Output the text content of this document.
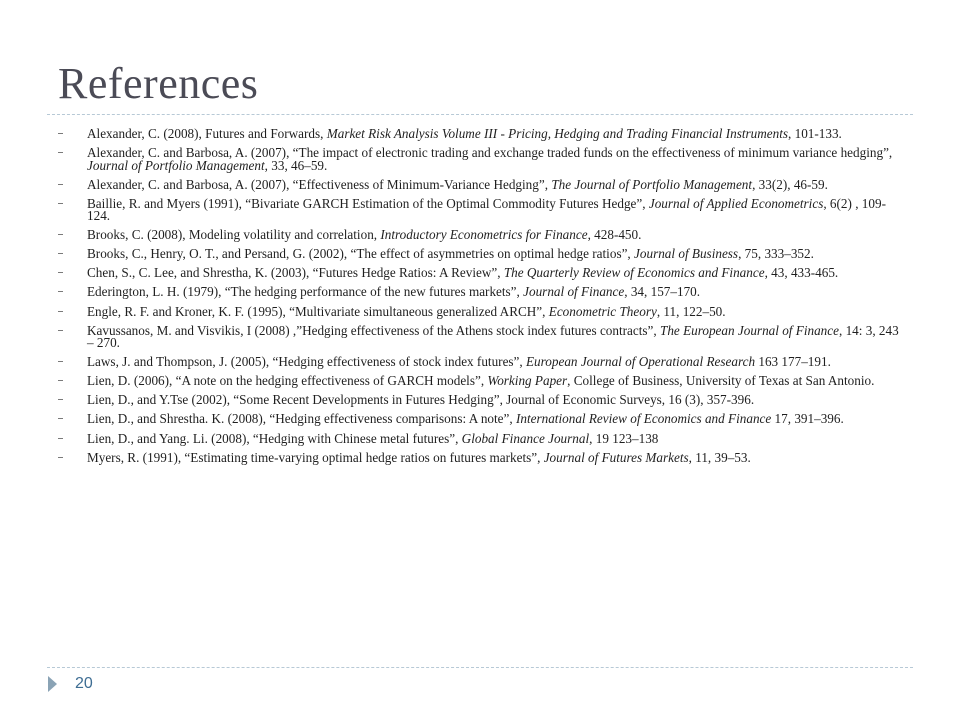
References
Alexander, C. (2008), Futures and Forwards, Market Risk Analysis Volume III - Pricing, Hedging and Trading Financial Instruments, 101-133.
Alexander, C. and Barbosa, A. (2007), “The impact of electronic trading and exchange traded funds on the effectiveness of minimum variance hedging”, Journal of Portfolio Management, 33, 46–59.
Alexander, C. and Barbosa, A. (2007), “Effectiveness of Minimum-Variance Hedging”, The Journal of Portfolio Management, 33(2), 46-59.
Baillie, R. and Myers (1991), “Bivariate GARCH Estimation of the Optimal Commodity Futures Hedge”, Journal of Applied Econometrics, 6(2) , 109-124.
Brooks, C. (2008), Modeling volatility and correlation, Introductory Econometrics for Finance, 428-450.
Brooks, C., Henry, O. T., and Persand, G. (2002), “The effect of asymmetries on optimal hedge ratios”, Journal of Business, 75, 333–352.
Chen, S., C. Lee, and Shrestha, K. (2003), “Futures Hedge Ratios: A Review”, The Quarterly Review of Economics and Finance, 43, 433-465.
Ederington, L. H. (1979), “The hedging performance of the new futures markets”, Journal of Finance, 34, 157–170.
Engle, R. F. and Kroner, K. F. (1995), “Multivariate simultaneous generalized ARCH”, Econometric Theory, 11, 122–50.
Kavussanos, M. and Visvikis, I (2008) ,”Hedging effectiveness of the Athens stock index futures contracts”, The European Journal of Finance, 14: 3, 243 – 270.
Laws, J. and Thompson, J. (2005), “Hedging effectiveness of stock index futures”, European Journal of Operational Research 163 177–191.
Lien, D. (2006), “A note on the hedging effectiveness of GARCH models”, Working Paper, College of Business, University of Texas at San Antonio.
Lien, D., and Y.Tse (2002), “Some Recent Developments in Futures Hedging”, Journal of Economic Surveys, 16 (3), 357-396.
Lien, D., and Shrestha. K. (2008), “Hedging effectiveness comparisons: A note”, International Review of Economics and Finance 17, 391–396.
Lien, D., and Yang. Li. (2008), “Hedging with Chinese metal futures”, Global Finance Journal, 19 123–138
Myers, R. (1991), “Estimating time-varying optimal hedge ratios on futures markets”, Journal of Futures Markets, 11, 39–53.
20
